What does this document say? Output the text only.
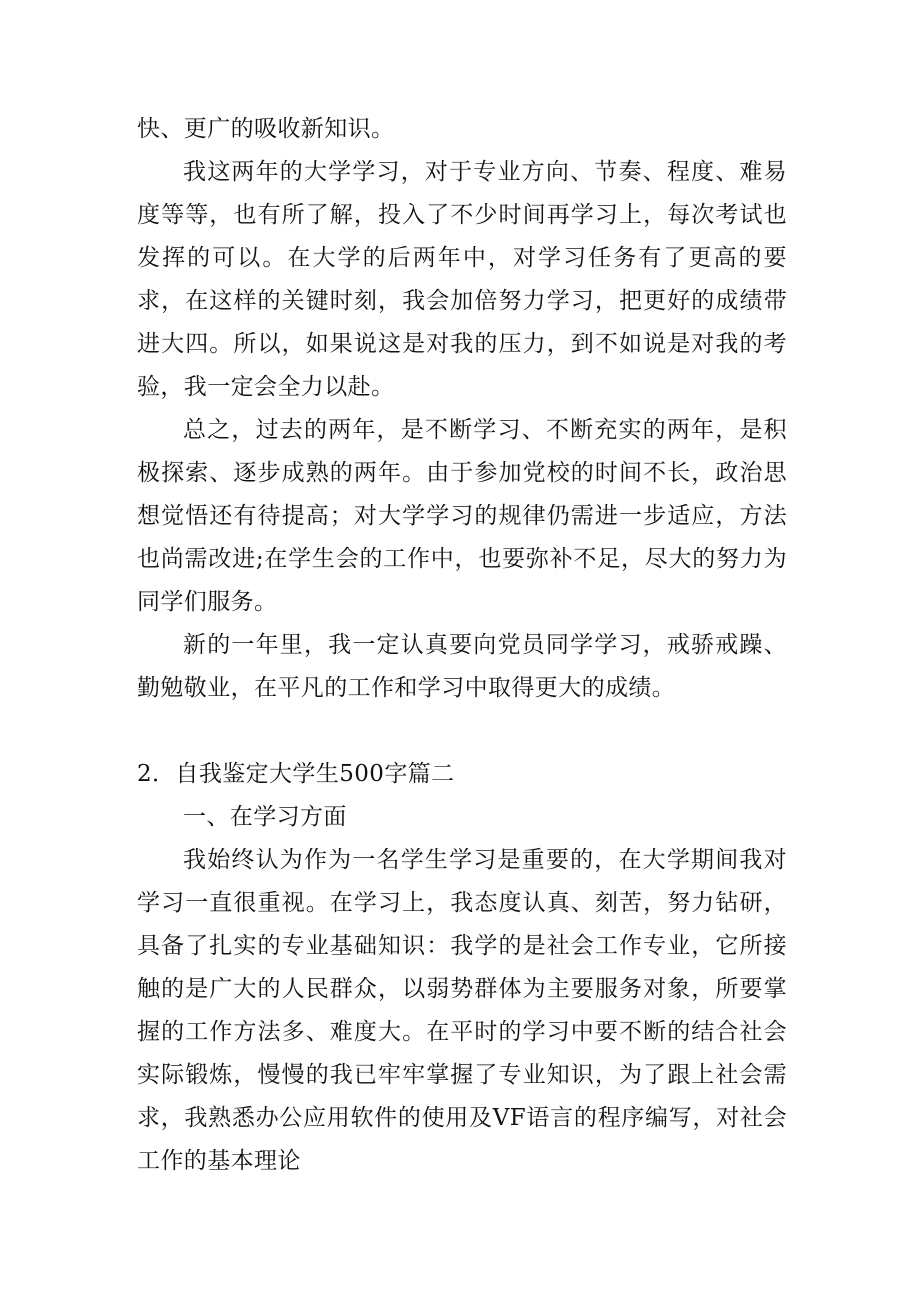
快、更广的吸收新知识。

我这两年的大学学习，对于专业方向、节奏、程度、难易度等等，也有所了解，投入了不少时间再学习上，每次考试也发挥的可以。在大学的后两年中，对学习任务有了更高的要求，在这样的关键时刻，我会加倍努力学习，把更好的成绩带进大四。所以，如果说这是对我的压力，到不如说是对我的考验，我一定会全力以赴。

总之，过去的两年，是不断学习、不断充实的两年，是积极探索、逐步成熟的两年。由于参加党校的时间不长，政治思想觉悟还有待提高；对大学学习的规律仍需进一步适应，方法也尚需改进;在学生会的工作中，也要弥补不足，尽大的努力为同学们服务。

新的一年里，我一定认真要向党员同学学习，戒骄戒躁、勤勉敬业，在平凡的工作和学习中取得更大的成绩。

2．自我鉴定大学生500字篇二

一、在学习方面

我始终认为作为一名学生学习是重要的，在大学期间我对学习一直很重视。在学习上，我态度认真、刻苦，努力钻研，具备了扎实的专业基础知识：我学的是社会工作专业，它所接触的是广大的人民群众，以弱势群体为主要服务对象，所要掌握的工作方法多、难度大。在平时的学习中要不断的结合社会实际锻炼，慢慢的我已牢牢掌握了专业知识，为了跟上社会需求，我熟悉办公应用软件的使用及VF语言的程序编写，对社会工作的基本理论
